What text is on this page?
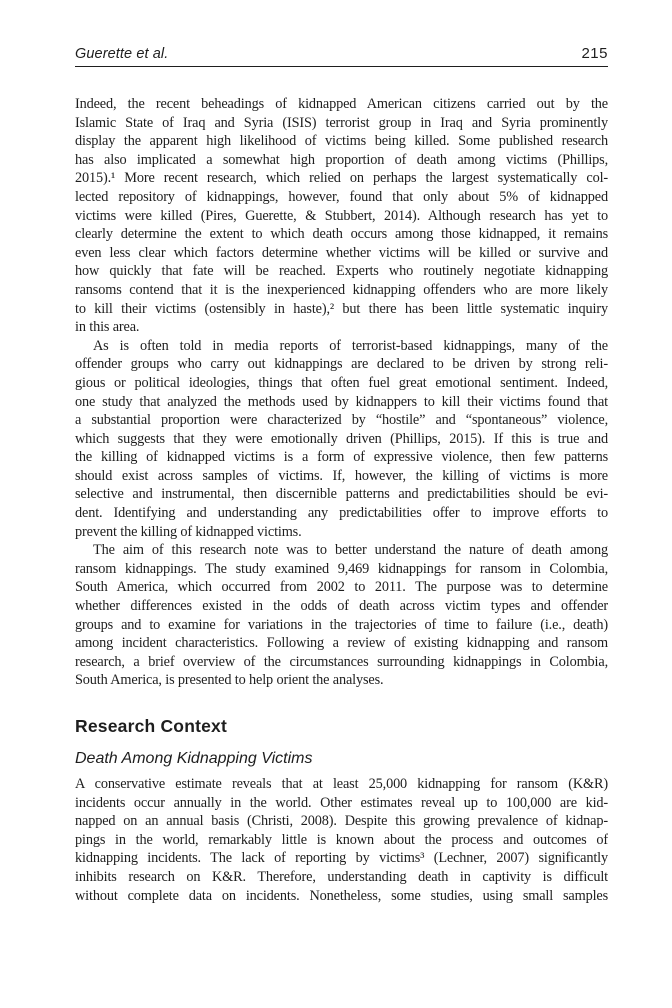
Guerette et al.	215
Indeed, the recent beheadings of kidnapped American citizens carried out by the
Islamic State of Iraq and Syria (ISIS) terrorist group in Iraq and Syria prominently
display the apparent high likelihood of victims being killed. Some published research
has also implicated a somewhat high proportion of death among victims (Phillips,
2015).¹ More recent research, which relied on perhaps the largest systematically col-
lected repository of kidnappings, however, found that only about 5% of kidnapped
victims were killed (Pires, Guerette, & Stubbert, 2014). Although research has yet to
clearly determine the extent to which death occurs among those kidnapped, it remains
even less clear which factors determine whether victims will be killed or survive and
how quickly that fate will be reached. Experts who routinely negotiate kidnapping
ransoms contend that it is the inexperienced kidnapping offenders who are more likely
to kill their victims (ostensibly in haste),² but there has been little systematic inquiry
in this area.
As is often told in media reports of terrorist-based kidnappings, many of the
offender groups who carry out kidnappings are declared to be driven by strong reli-
gious or political ideologies, things that often fuel great emotional sentiment. Indeed,
one study that analyzed the methods used by kidnappers to kill their victims found that
a substantial proportion were characterized by “hostile” and “spontaneous” violence,
which suggests that they were emotionally driven (Phillips, 2015). If this is true and
the killing of kidnapped victims is a form of expressive violence, then few patterns
should exist across samples of victims. If, however, the killing of victims is more
selective and instrumental, then discernible patterns and predictabilities should be evi-
dent. Identifying and understanding any predictabilities offer to improve efforts to
prevent the killing of kidnapped victims.
The aim of this research note was to better understand the nature of death among
ransom kidnappings. The study examined 9,469 kidnappings for ransom in Colombia,
South America, which occurred from 2002 to 2011. The purpose was to determine
whether differences existed in the odds of death across victim types and offender
groups and to examine for variations in the trajectories of time to failure (i.e., death)
among incident characteristics. Following a review of existing kidnapping and ransom
research, a brief overview of the circumstances surrounding kidnappings in Colombia,
South America, is presented to help orient the analyses.
Research Context
Death Among Kidnapping Victims
A conservative estimate reveals that at least 25,000 kidnapping for ransom (K&R)
incidents occur annually in the world. Other estimates reveal up to 100,000 are kid-
napped on an annual basis (Christi, 2008). Despite this growing prevalence of kidnap-
pings in the world, remarkably little is known about the process and outcomes of
kidnapping incidents. The lack of reporting by victims³ (Lechner, 2007) significantly
inhibits research on K&R. Therefore, understanding death in captivity is difficult
without complete data on incidents. Nonetheless, some studies, using small samples
